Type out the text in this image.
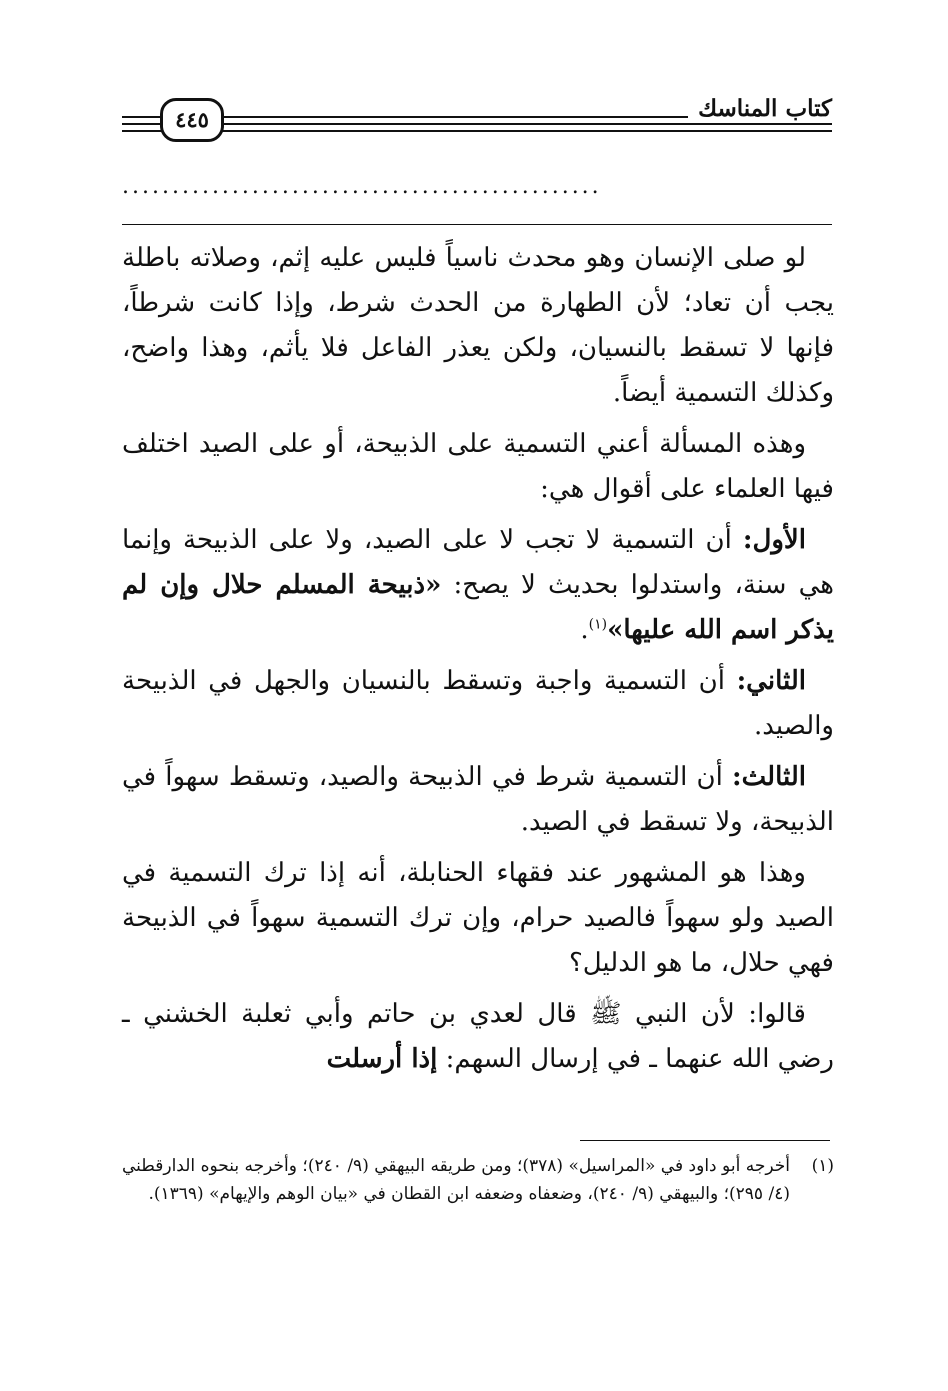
كتاب المناسك
٤٤٥
................................................

لو صلى الإنسان وهو محدث ناسياً فليس عليه إثم، وصلاته باطلة يجب أن تعاد؛ لأن الطهارة من الحدث شرط، وإذا كانت شرطاً، فإنها لا تسقط بالنسيان، ولكن يعذر الفاعل فلا يأثم، وهذا واضح، وكذلك التسمية أيضاً.

وهذه المسألة أعني التسمية على الذبيحة، أو على الصيد اختلف فيها العلماء على أقوال هي:

الأول: أن التسمية لا تجب لا على الصيد، ولا على الذبيحة وإنما هي سنة، واستدلوا بحديث لا يصح: «ذبيحة المسلم حلال وإن لم يذكر اسم الله عليها»$^{(١)}$.

الثاني: أن التسمية واجبة وتسقط بالنسيان والجهل في الذبيحة والصيد.

الثالث: أن التسمية شرط في الذبيحة والصيد، وتسقط سهواً في الذبيحة، ولا تسقط في الصيد.

وهذا هو المشهور عند فقهاء الحنابلة، أنه إذا ترك التسمية في الصيد ولو سهواً فالصيد حرام، وإن ترك التسمية سهواً في الذبيحة فهي حلال، ما هو الدليل؟

قالوا: لأن النبي ﷺ قال لعدي بن حاتم وأبي ثعلبة الخشني ـ رضي الله عنهما ـ في إرسال السهم: إذا أرسلت

(١)
أخرجه أبو داود في «المراسيل» (٣٧٨)؛ ومن طريقه البيهقي (٩/ ٢٤٠)؛ وأخرجه بنحوه الدارقطني (٤/ ٢٩٥)؛ والبيهقي (٩/ ٢٤٠)، وضعفاه وضعفه ابن القطان في «بيان الوهم والإيهام» (١٣٦٩).
